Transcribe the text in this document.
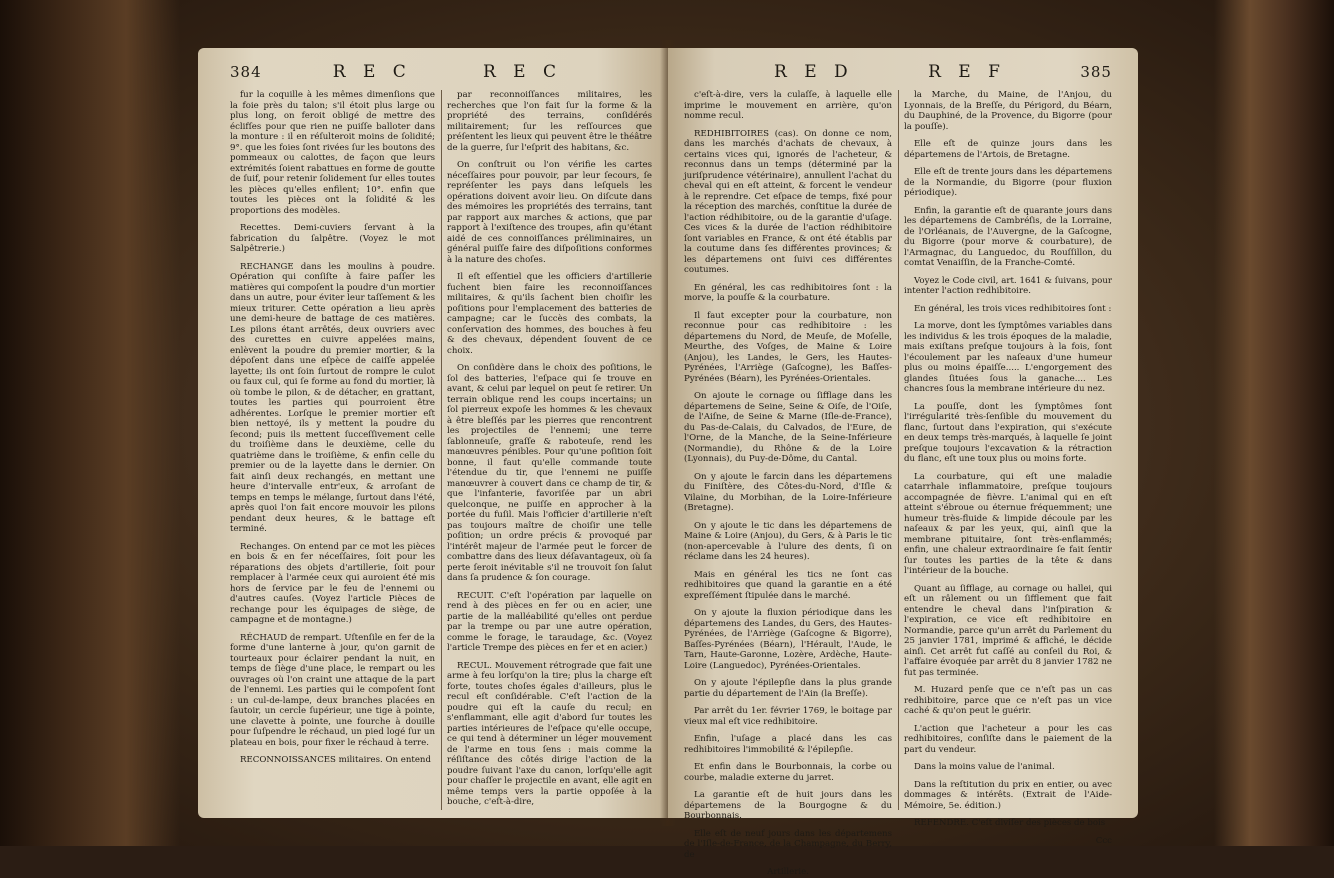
384	R E C	R E C

fur la coquille à les mêmes dimenſions que la foie près du talon; s'il étoit plus large ou plus long, on feroit obligé de mettre des éclifſes pour que rien ne puiſſe balloter dans la monture : il en réſulteroit moins de ſolidité; 9°. que les foies ſont rivées ſur les boutons des pommeaux ou calottes, de façon que leurs extrémités ſoient rabattues en forme de goutte de ſuif, pour retenir ſolidement ſur elles toutes les pièces qu'elles enfilent; 10°. enfin que toutes les pièces ont la ſolidité & les proportions des modèles.

Recettes. Demi-cuviers ſervant à la fabrication du ſalpêtre. (Voyez le mot Salpêtrerie.)

RECHANGE dans les moulins à poudre. Opération qui conſiſte à faire paſſer les matières qui compoſent la poudre d'un mortier dans un autre, pour éviter leur taſſement & les mieux triturer. Cette opération a lieu après une demi-heure de battage de ces matières. Les pilons étant arrêtés, deux ouvriers avec des curettes en cuivre appelées mains, enlèvent la poudre du premier mortier, & la dépoſent dans une eſpèce de caiſſe appelée layette; ils ont ſoin ſurtout de rompre le culot ou faux cul, qui ſe forme au fond du mortier, là où tombe le pilon, & de détacher, en grattant, toutes les parties qui pourroient être adhérentes. Lorſque le premier mortier eſt bien nettoyé, ils y mettent la poudre du ſecond; puis ils mettent ſucceſſivement celle du troiſième dans le deuxième, celle du quatrième dans le troiſième, & enfin celle du premier ou de la layette dans le dernier. On fait ainſi deux rechangés, en mettant une heure d'intervalle entr'eux, & arroſant de temps en temps le mélange, ſurtout dans l'été, après quoi l'on fait encore mouvoir les pilons pendant deux heures, & le battage eſt terminé.

Rechanges. On entend par ce mot les pièces en bois & en fer néceſſaires, ſoit pour les réparations des objets d'artillerie, ſoit pour remplacer à l'armée ceux qui auroient été mis hors de ſervice par le feu de l'ennemi ou d'autres cauſes. (Voyez l'article Pièces de rechange pour les équipages de siège, de campagne et de montagne.)

RÉCHAUD de rempart. Uſtenſile en fer de la forme d'une lanterne à jour, qu'on garnit de tourteaux pour éclairer pendant la nuit, en temps de ſiège d'une place, le rempart ou les ouvrages où l'on craint une attaque de la part de l'ennemi. Les parties qui le compoſent ſont : un cul-de-lampe, deux branches placées en ſautoir, un cercle ſupérieur, une tige à pointe, une clavette à pointe, une fourche à douille pour ſuſpendre le réchaud, un pied logé ſur un plateau en bois, pour fixer le réchaud à terre.

RECONNOISSANCES militaires. On entend

par reconnoiſſances militaires, les recherches que l'on fait ſur la forme & la propriété des terrains, conſidérés militairement; ſur les reſſources que préſentent les lieux qui peuvent être le théâtre de la guerre, ſur l'eſprit des habitans, &c.

On conſtruit ou l'on vérifie les cartes néceſſaires pour pouvoir, par leur ſecours, ſe repréſenter les pays dans leſquels les opérations doivent avoir lieu. On diſcute dans des mémoires les propriétés des terrains, tant par rapport aux marches & actions, que par rapport à l'exiſtence des troupes, afin qu'étant aidé de ces connoiſſances préliminaires, un général puiſſe faire des diſpoſitions conformes à la nature des choſes.

Il eſt eſſentiel que les officiers d'artillerie fuchent bien faire les reconnoiſſances militaires, & qu'ils ſachent bien choiſir les poſitions pour l'emplacement des batteries de campagne; car le ſuccès des combats, la conſervation des hommes, des bouches à feu & des chevaux, dépendent ſouvent de ce choix.

On conſidère dans le choix des poſitions, le ſol des batteries, l'eſpace qui ſe trouve en avant, & celui par lequel on peut ſe retirer. Un terrain oblique rend les coups incertains; un ſol pierreux expoſe les hommes & les chevaux à être bleſſés par les pierres que rencontrent les projectiles de l'ennemi; une terre ſablonneuſe, graſſe & raboteuſe, rend les manœuvres pénibles. Pour qu'une poſition ſoit bonne, il faut qu'elle commande toute l'étendue du tir, que l'ennemi ne puiſſe manœuvrer à couvert dans ce champ de tir, & que l'infanterie, favoriſée par un abri quelconque, ne puiſſe en approcher à la portée du fuſil. Mais l'officier d'artillerie n'eſt pas toujours maître de choiſir une telle poſition; un ordre précis & provoqué par l'intérêt majeur de l'armée peut le forcer de combattre dans des lieux déſavantageux, où ſa perte ſeroit inévitable s'il ne trouvoit ſon ſalut dans ſa prudence & ſon courage.

RECUIT. C'eſt l'opération par laquelle on rend à des pièces en fer ou en acier, une partie de la malléabilité qu'elles ont perdue par la trempe ou par une autre opération, comme le forage, le taraudage, &c. (Voyez l'article Trempe des pièces en fer et en acier.)

RECUL. Mouvement rétrograde que fait une arme à feu lorſqu'on la tire; plus la charge eſt forte, toutes choſes égales d'ailleurs, plus le recul eſt conſidérable. C'eſt l'action de la poudre qui eſt la cauſe du recul; en s'enflammant, elle agit d'abord ſur toutes les parties intérieures de l'eſpace qu'elle occupe, ce qui tend à déterminer un léger mouvement de l'arme en tous ſens : mais comme la réſiſtance des côtés dirige l'action de la poudre ſuivant l'axe du canon, lorſqu'elle agit pour chaſſer le projectile en avant, elle agit en même temps vers la partie oppoſée à la bouche, c'eſt-à-dire,

R E D	R E F	385

c'eſt-à-dire, vers la culaſſe, à laquelle elle imprime le mouvement en arrière, qu'on nomme recul.

REDHIBITOIRES (cas). On donne ce nom, dans les marchés d'achats de chevaux, à certains vices qui, ignorés de l'acheteur, & reconnus dans un temps (déterminé par la juriſprudence vétérinaire), annullent l'achat du cheval qui en eſt atteint, & forcent le vendeur à le reprendre. Cet eſpace de temps, fixé pour la réception des marchés, conſtitue la durée de l'action rédhibitoire, ou de la garantie d'uſage. Ces vices & la durée de l'action rédhibitoire ſont variables en France, & ont été établis par la coutume dans ſes différentes provinces; & les départemens ont ſuivi ces différentes coutumes.

En général, les cas redhibitoires ſont : la morve, la pouſſe & la courbature.

Il faut excepter pour la courbature, non reconnue pour cas redhibitoire : les départemens du Nord, de Meuſe, de Moſelle, Meurthe, des Voſges, de Maine & Loire (Anjou), les Landes, le Gers, les Hautes-Pyrénées, l'Arriège (Gaſcogne), les Baſſes-Pyrénées (Béarn), les Pyrénées-Orientales.

On ajoute le cornage ou ſifflage dans les départemens de Seine, Seine & Oiſe, de l'Oiſe, de l'Aiſne, de Seine & Marne (Iſle-de-France), du Pas-de-Calais, du Calvados, de l'Eure, de l'Orne, de la Manche, de la Seine-Inférieure (Normandie), du Rhône & de la Loire (Lyonnais), du Puy-de-Dôme, du Cantal.

On y ajoute le farcin dans les départemens du Finiſtère, des Côtes-du-Nord, d'Iſle & Vilaine, du Morbihan, de la Loire-Inférieure (Bretagne).

On y ajoute le tic dans les départemens de Maine & Loire (Anjou), du Gers, & à Paris le tic (non-apercevable à l'ulure des dents, ſi on réclame dans les 24 heures).

Mais en général les tics ne ſont cas redhibitoires que quand la garantie en a été expreſſément ſtipulée dans le marché.

On y ajoute la fluxion périodique dans les départemens des Landes, du Gers, des Hautes-Pyrénées, de l'Arriège (Gaſcogne & Bigorre), Baſſes-Pyrénées (Béarn), l'Hérault, l'Aude, le Tarn, Haute-Garonne, Lozère, Ardèche, Haute-Loire (Languedoc), Pyrénées-Orientales.

On y ajoute l'épilepſie dans la plus grande partie du département de l'Ain (la Breſſe).

Par arrêt du 1er. février 1769, le boitage par vieux mal eſt vice redhibitoire.

Enfin, l'uſage a placé dans les cas redhibitoires l'immobilité & l'épilepſie.

Et enfin dans le Bourbonnais, la corbe ou courbe, maladie externe du jarret.

La garantie eſt de huit jours dans les départemens de la Bourgogne & du Bourbonnais.

Elle eſt de neuf jours dans les départemens de l'Iſle-de-France, de la Champagne, du Berry, de

Artillerie.

la Marche, du Maine, de l'Anjou, du Lyonnais, de la Breſſe, du Périgord, du Béarn, du Dauphiné, de la Provence, du Bigorre (pour la pouſſe).

Elle eſt de quinze jours dans les départemens de l'Artois, de Bretagne.

Elle eſt de trente jours dans les départemens de la Normandie, du Bigorre (pour fluxion périodique).

Enfin, la garantie eſt de quarante jours dans les départemens de Cambréſis, de la Lorraine, de l'Orléanais, de l'Auvergne, de la Gaſcogne, du Bigorre (pour morve & courbature), de l'Armagnac, du Languedoc, du Rouſſillon, du comtat Venaiſſin, de la Franche-Comté.

Voyez le Code civil, art. 1641 & ſuivans, pour intenter l'action redhibitoire.

En général, les trois vices redhibitoires ſont :

La morve, dont les ſymptômes variables dans les individus & les trois époques de la maladie, mais exiſtans preſque toujours à la fois, ſont l'écoulement par les naſeaux d'une humeur plus ou moins épaiſſe..... L'engorgement des glandes ſituées ſous la ganache.... Les chancres ſous la membrane intérieure du nez.

La pouſſe, dont les ſymptômes ſont l'irrégularité très-ſenſible du mouvement du flanc, ſurtout dans l'expiration, qui s'exécute en deux temps très-marqués, à laquelle ſe joint preſque toujours l'excavation & la rétraction du flanc, eſt une toux plus ou moins forte.

La courbature, qui eſt une maladie catarrhale inflammatoire, preſque toujours accompagnée de fièvre. L'animal qui en eſt atteint s'ébroue ou éternue fréquemment; une humeur très-fluide & limpide découle par les naſeaux & par les yeux, qui, ainſi que la membrane pituitaire, ſont très-enflammés; enfin, une chaleur extraordinaire ſe fait ſentir ſur toutes les parties de la tête & dans l'intérieur de la bouche.

Quant au ſifflage, au cornage ou hallei, qui eſt un râlement ou un ſifflement que fait entendre le cheval dans l'inſpiration & l'expiration, ce vice eſt redhibitoire en Normandie, parce qu'un arrêt du Parlement du 25 janvier 1781, imprimé & affiché, le décide ainſi. Cet arrêt fut caſſé au conſeil du Roi, & l'affaire évoquée par arrêt du 8 janvier 1782 ne fut pas terminée.

M. Huzard penſe que ce n'eſt pas un cas redhibitoire, parce que ce n'eſt pas un vice caché & qu'on peut le guérir.

L'action que l'acheteur a pour les cas redhibitoires, conſiſte dans le paiement de la part du vendeur.

Dans la moins value de l'animal.

Dans la reſtitution du prix en entier, ou avec dommages & intérêts. (Extrait de l'Aide-Mémoire, 5e. édition.)

REFENDRE. C'eſt diviſer des pièces de bois

Ccc
